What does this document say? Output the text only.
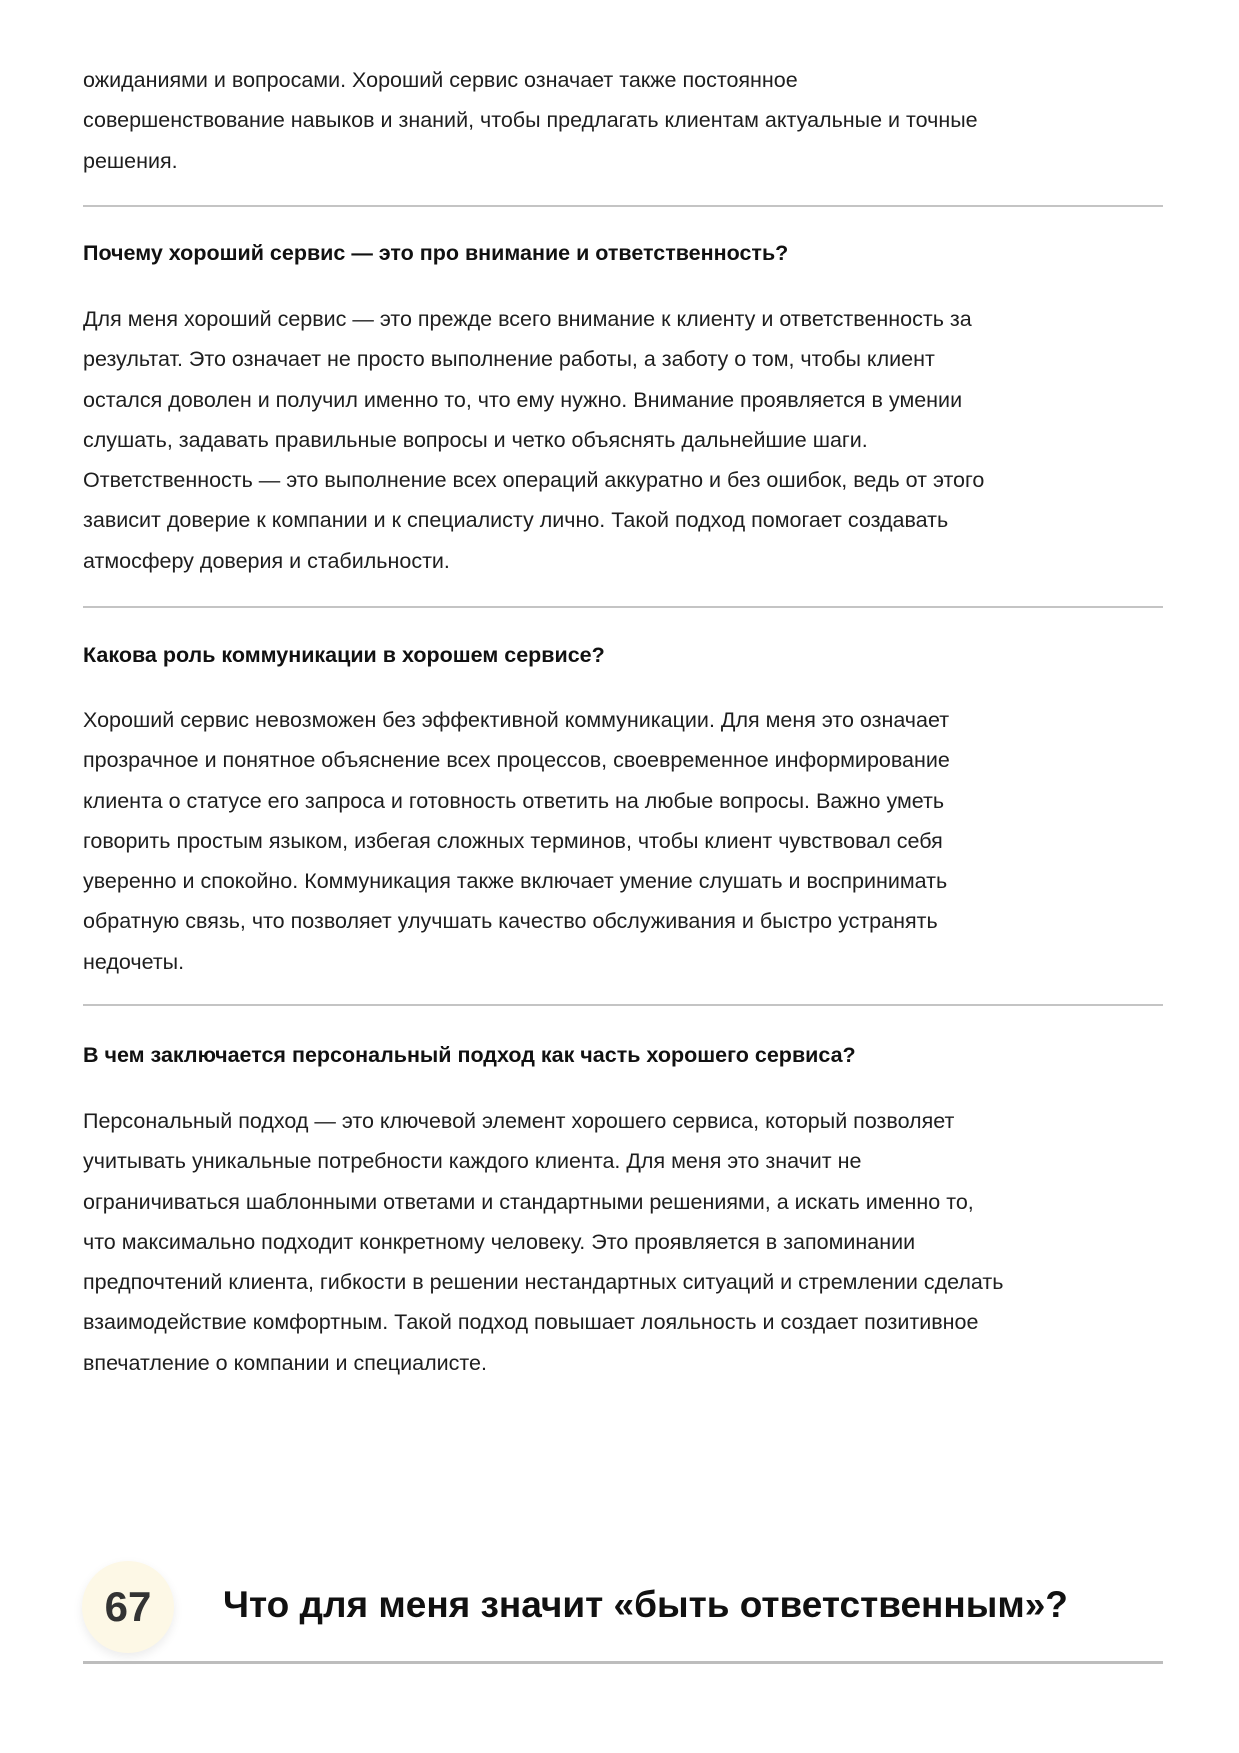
ожиданиями и вопросами. Хороший сервис означает также постоянное
совершенствование навыков и знаний, чтобы предлагать клиентам актуальные и точные
решения.
Почему хороший сервис — это про внимание и ответственность?
Для меня хороший сервис — это прежде всего внимание к клиенту и ответственность за
результат. Это означает не просто выполнение работы, а заботу о том, чтобы клиент
остался доволен и получил именно то, что ему нужно. Внимание проявляется в умении
слушать, задавать правильные вопросы и четко объяснять дальнейшие шаги.
Ответственность — это выполнение всех операций аккуратно и без ошибок, ведь от этого
зависит доверие к компании и к специалисту лично. Такой подход помогает создавать
атмосферу доверия и стабильности.
Какова роль коммуникации в хорошем сервисе?
Хороший сервис невозможен без эффективной коммуникации. Для меня это означает
прозрачное и понятное объяснение всех процессов, своевременное информирование
клиента о статусе его запроса и готовность ответить на любые вопросы. Важно уметь
говорить простым языком, избегая сложных терминов, чтобы клиент чувствовал себя
уверенно и спокойно. Коммуникация также включает умение слушать и воспринимать
обратную связь, что позволяет улучшать качество обслуживания и быстро устранять
недочеты.
В чем заключается персональный подход как часть хорошего сервиса?
Персональный подход — это ключевой элемент хорошего сервиса, который позволяет
учитывать уникальные потребности каждого клиента. Для меня это значит не
ограничиваться шаблонными ответами и стандартными решениями, а искать именно то,
что максимально подходит конкретному человеку. Это проявляется в запоминании
предпочтений клиента, гибкости в решении нестандартных ситуаций и стремлении сделать
взаимодействие комфортным. Такой подход повышает лояльность и создает позитивное
впечатление о компании и специалисте.
67	Что для меня значит «быть ответственным»?
